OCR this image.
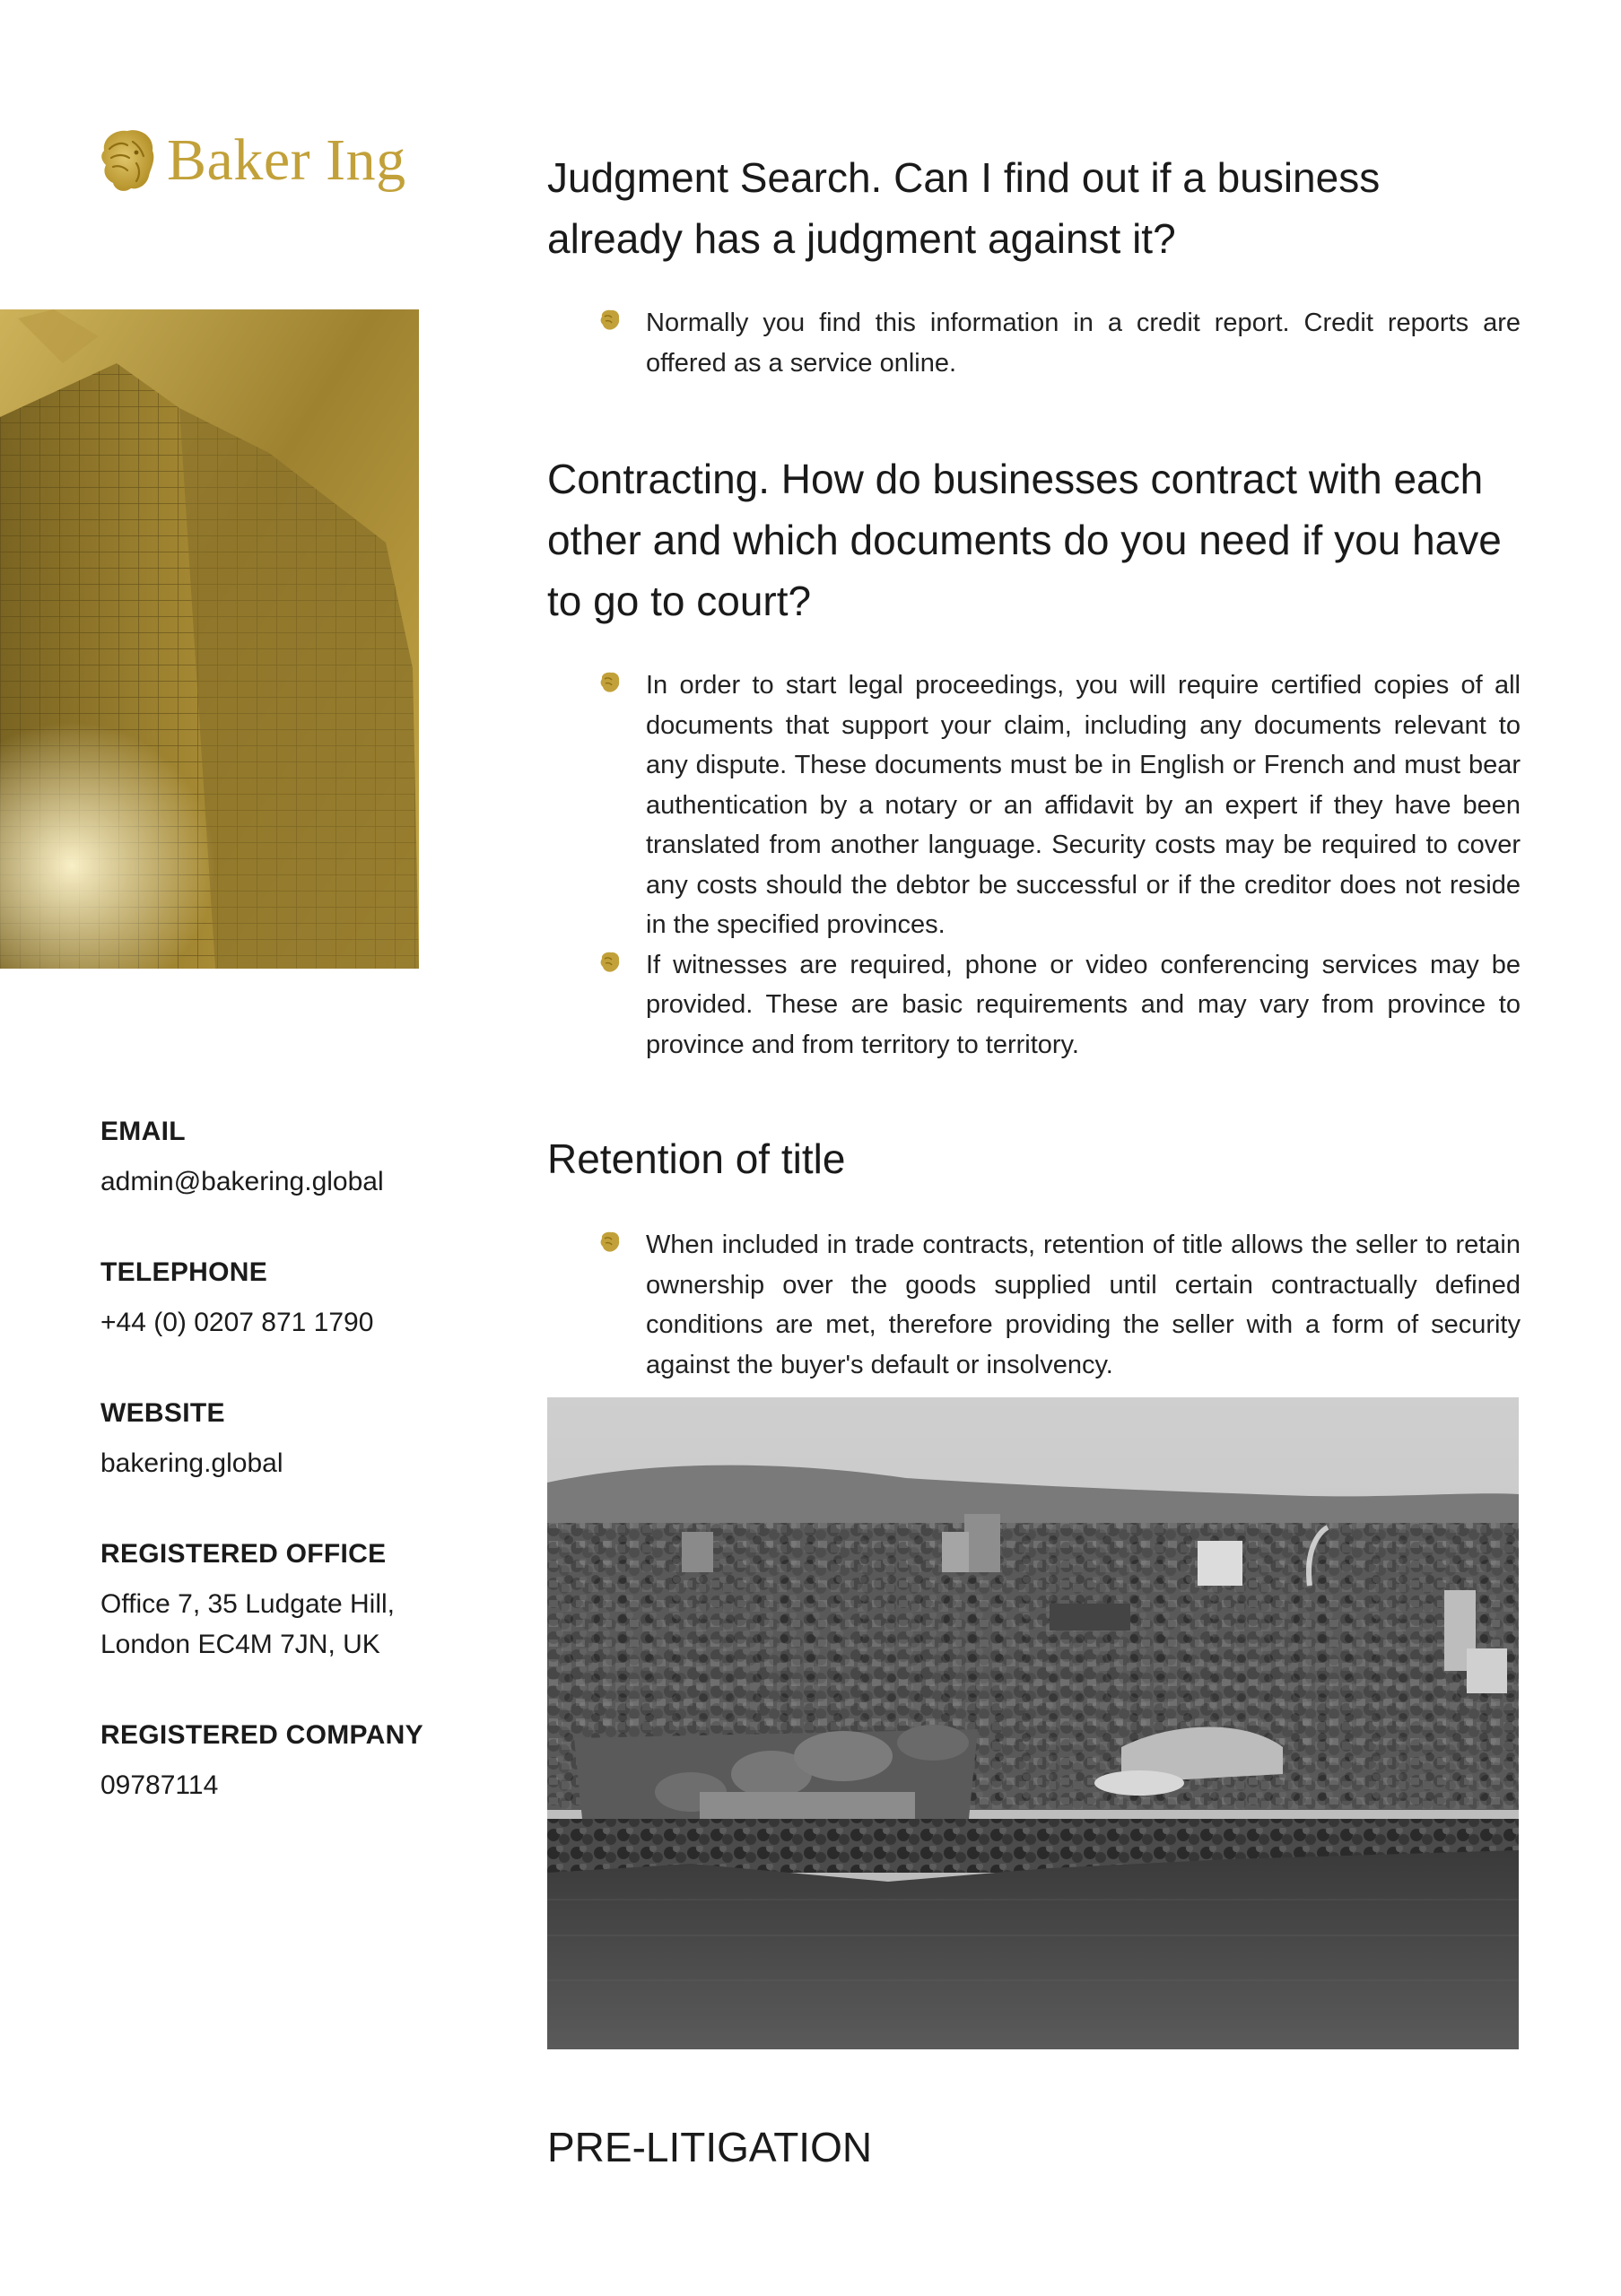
Baker Ing

EMAIL

admin@bakering.global

TELEPHONE

+44 (0) 0207 871 1790

WEBSITE

bakering.global

REGISTERED OFFICE

Office 7, 35 Ludgate Hill,
London EC4M 7JN, UK

REGISTERED COMPANY

09787114

Judgment Search. Can I find out if a business already has a judgment against it?
Normally you find this information in a credit report. Credit reports are offered as a service online.
Contracting. How do businesses contract with each other and which documents do you need if you have to go to court?
In order to start legal proceedings, you will require certified copies of all documents that support your claim, including any documents relevant to any dispute. These documents must be in English or French and must bear authentication by a notary or an affidavit by an expert if they have been translated from another language. Security costs may be required to cover any costs should the debtor be successful or if the creditor does not reside in the specified provinces.
If witnesses are required, phone or video conferencing services may be provided. These are basic requirements and may vary from province to province and from territory to territory.
Retention of title
When included in trade contracts, retention of title allows the seller to retain ownership over the goods supplied until certain contractually defined conditions are met, therefore providing the seller with a form of security against the buyer's default or insolvency.
PRE-LITIGATION
